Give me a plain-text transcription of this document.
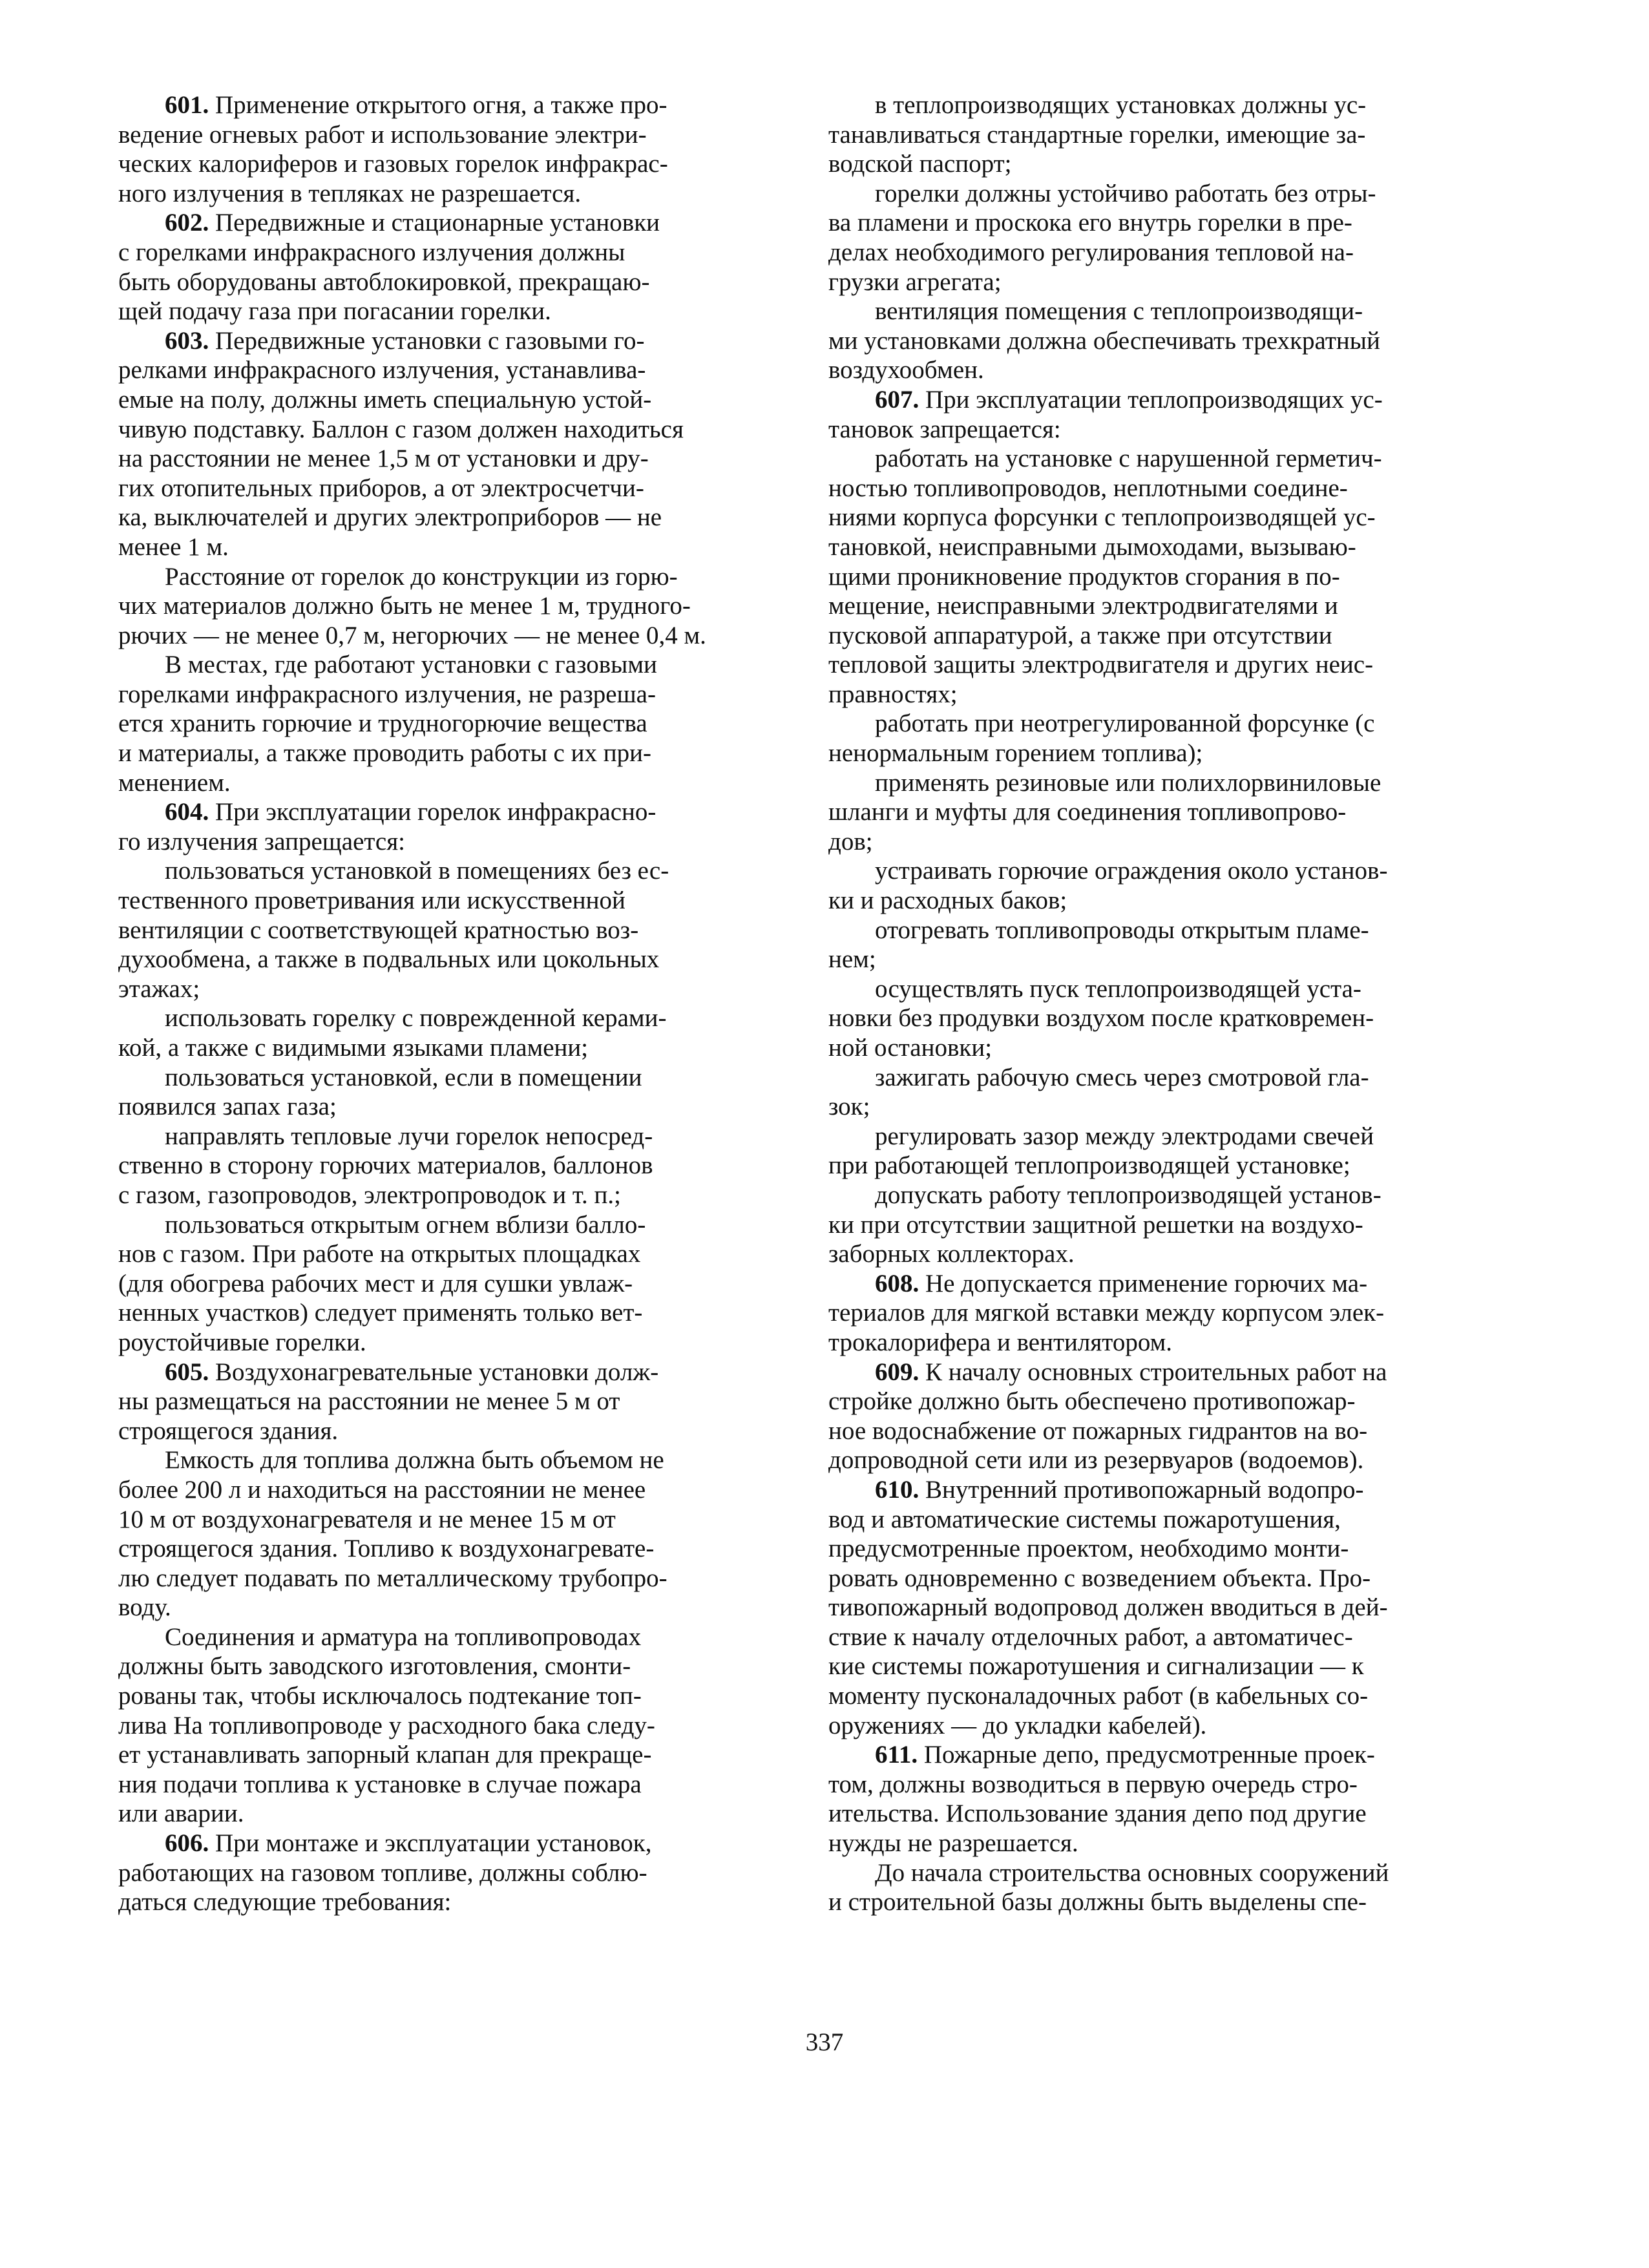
601. Применение открытого огня, а также про-
ведение огневых работ и использование электри-
ческих калориферов и газовых горелок инфракрас-
ного излучения в тепляках не разрешается.

602. Передвижные и стационарные установки
с горелками инфракрасного излучения должны
быть оборудованы автоблокировкой, прекращаю-
щей подачу газа при погасании горелки.

603. Передвижные установки с газовыми го-
релками инфракрасного излучения, устанавлива-
емые на полу, должны иметь специальную устой-
чивую подставку. Баллон с газом должен находиться
на расстоянии не менее 1,5 м от установки и дру-
гих отопительных приборов, а от электросчетчи-
ка, выключателей и других электроприборов — не
менее 1 м.

Расстояние от горелок до конструкции из горю-
чих материалов должно быть не менее 1 м, трудного-
рючих — не менее 0,7 м, негорючих — не менее 0,4 м.

В местах, где работают установки с газовыми
горелками инфракрасного излучения, не разреша-
ется хранить горючие и трудногорючие вещества
и материалы, а также проводить работы с их при-
менением.

604. При эксплуатации горелок инфракрасно-
го излучения запрещается:

пользоваться установкой в помещениях без ес-
тественного проветривания или искусственной
вентиляции с соответствующей кратностью воз-
духообмена, а также в подвальных или цокольных
этажах;

использовать горелку с поврежденной керами-
кой, а также с видимыми языками пламени;

пользоваться установкой, если в помещении
появился запах газа;

направлять тепловые лучи горелок непосред-
ственно в сторону горючих материалов, баллонов
с газом, газопроводов, электропроводок и т. п.;

пользоваться открытым огнем вблизи балло-
нов с газом. При работе на открытых площадках
(для обогрева рабочих мест и для сушки увлаж-
ненных участков) следует применять только вет-
роустойчивые горелки.

605. Воздухонагревательные установки долж-
ны размещаться на расстоянии не менее 5 м от
строящегося здания.

Емкость для топлива должна быть объемом не
более 200 л и находиться на расстоянии не менее
10 м от воздухонагревателя и не менее 15 м от
строящегося здания. Топливо к воздухонагревате-
лю следует подавать по металлическому трубопро-
воду.

Соединения и арматура на топливопроводах
должны быть заводского изготовления, смонти-
рованы так, чтобы исключалось подтекание топ-
лива На топливопроводе у расходного бака следу-
ет устанавливать запорный клапан для прекраще-
ния подачи топлива к установке в случае пожара
или аварии.

606. При монтаже и эксплуатации установок,
работающих на газовом топливе, должны соблю-
даться следующие требования:

в теплопроизводящих установках должны ус-
танавливаться стандартные горелки, имеющие за-
водской паспорт;

горелки должны устойчиво работать без отры-
ва пламени и проскока его внутрь горелки в пре-
делах необходимого регулирования тепловой на-
грузки агрегата;

вентиляция помещения с теплопроизводящи-
ми установками должна обеспечивать трехкратный
воздухообмен.

607. При эксплуатации теплопроизводящих ус-
тановок запрещается:

работать на установке с нарушенной герметич-
ностью топливопроводов, неплотными соедине-
ниями корпуса форсунки с теплопроизводящей ус-
тановкой, неисправными дымоходами, вызываю-
щими проникновение продуктов сгорания в по-
мещение, неисправными электродвигателями и
пусковой аппаратурой, а также при отсутствии
тепловой защиты электродвигателя и других неис-
правностях;

работать при неотрегулированной форсунке (с
ненормальным горением топлива);

применять резиновые или полихлорвиниловые
шланги и муфты для соединения топливопрово-
дов;

устраивать горючие ограждения около установ-
ки и расходных баков;

отогревать топливопроводы открытым пламе-
нем;

осуществлять пуск теплопроизводящей уста-
новки без продувки воздухом после кратковремен-
ной остановки;

зажигать рабочую смесь через смотровой гла-
зок;

регулировать зазор между электродами свечей
при работающей теплопроизводящей установке;

допускать работу теплопроизводящей установ-
ки при отсутствии защитной решетки на воздухо-
заборных коллекторах.

608. Не допускается применение горючих ма-
териалов для мягкой вставки между корпусом элек-
трокалорифера и вентилятором.

609. К началу основных строительных работ на
стройке должно быть обеспечено противопожар-
ное водоснабжение от пожарных гидрантов на во-
допроводной сети или из резервуаров (водоемов).

610. Внутренний противопожарный водопро-
вод и автоматические системы пожаротушения,
предусмотренные проектом, необходимо монти-
ровать одновременно с возведением объекта. Про-
тивопожарный водопровод должен вводиться в дей-
ствие к началу отделочных работ, а автоматичес-
кие системы пожаротушения и сигнализации — к
моменту пусконаладочных работ (в кабельных со-
оружениях — до укладки кабелей).

611. Пожарные депо, предусмотренные проек-
том, должны возводиться в первую очередь стро-
ительства. Использование здания депо под другие
нужды не разрешается.

До начала строительства основных сооружений
и строительной базы должны быть выделены спе-

337
